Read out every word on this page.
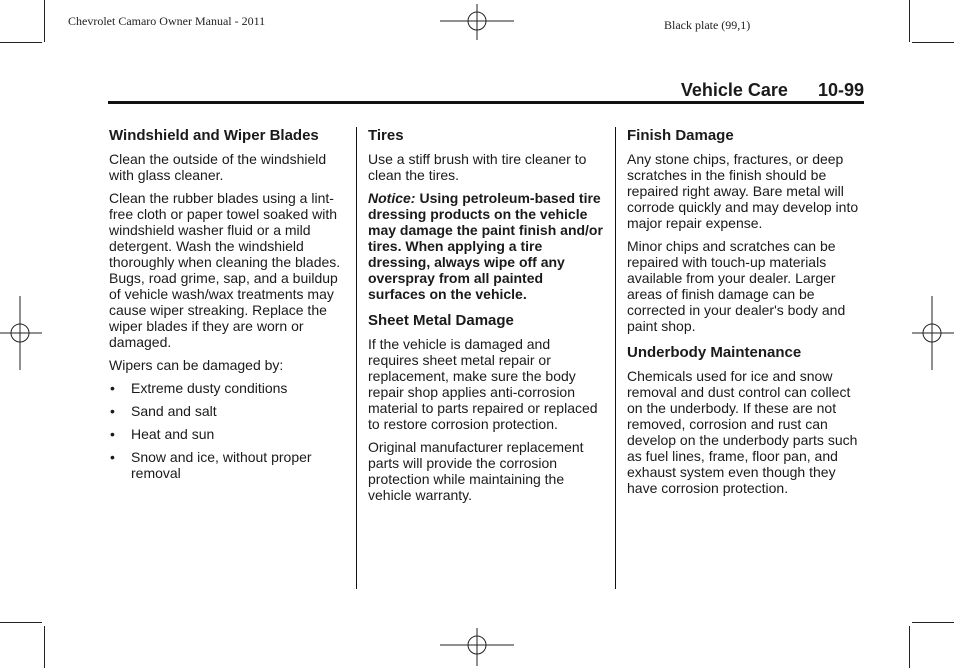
Chevrolet Camaro Owner Manual - 2011	Black plate (99,1)
Vehicle Care 10-99
Windshield and Wiper Blades

Clean the outside of the windshield with glass cleaner.

Clean the rubber blades using a lint-free cloth or paper towel soaked with windshield washer fluid or a mild detergent. Wash the windshield thoroughly when cleaning the blades. Bugs, road grime, sap, and a buildup of vehicle wash/wax treatments may cause wiper streaking. Replace the wiper blades if they are worn or damaged.

Wipers can be damaged by:

• Extreme dusty conditions
• Sand and salt
• Heat and sun
• Snow and ice, without proper removal
Tires

Use a stiff brush with tire cleaner to clean the tires.

Notice: Using petroleum-based tire dressing products on the vehicle may damage the paint finish and/or tires. When applying a tire dressing, always wipe off any overspray from all painted surfaces on the vehicle.

Sheet Metal Damage

If the vehicle is damaged and requires sheet metal repair or replacement, make sure the body repair shop applies anti-corrosion material to parts repaired or replaced to restore corrosion protection.

Original manufacturer replacement parts will provide the corrosion protection while maintaining the vehicle warranty.

Finish Damage

Any stone chips, fractures, or deep scratches in the finish should be repaired right away. Bare metal will corrode quickly and may develop into major repair expense.

Minor chips and scratches can be repaired with touch-up materials available from your dealer. Larger areas of finish damage can be corrected in your dealer's body and paint shop.

Underbody Maintenance

Chemicals used for ice and snow removal and dust control can collect on the underbody. If these are not removed, corrosion and rust can develop on the underbody parts such as fuel lines, frame, floor pan, and exhaust system even though they have corrosion protection.
